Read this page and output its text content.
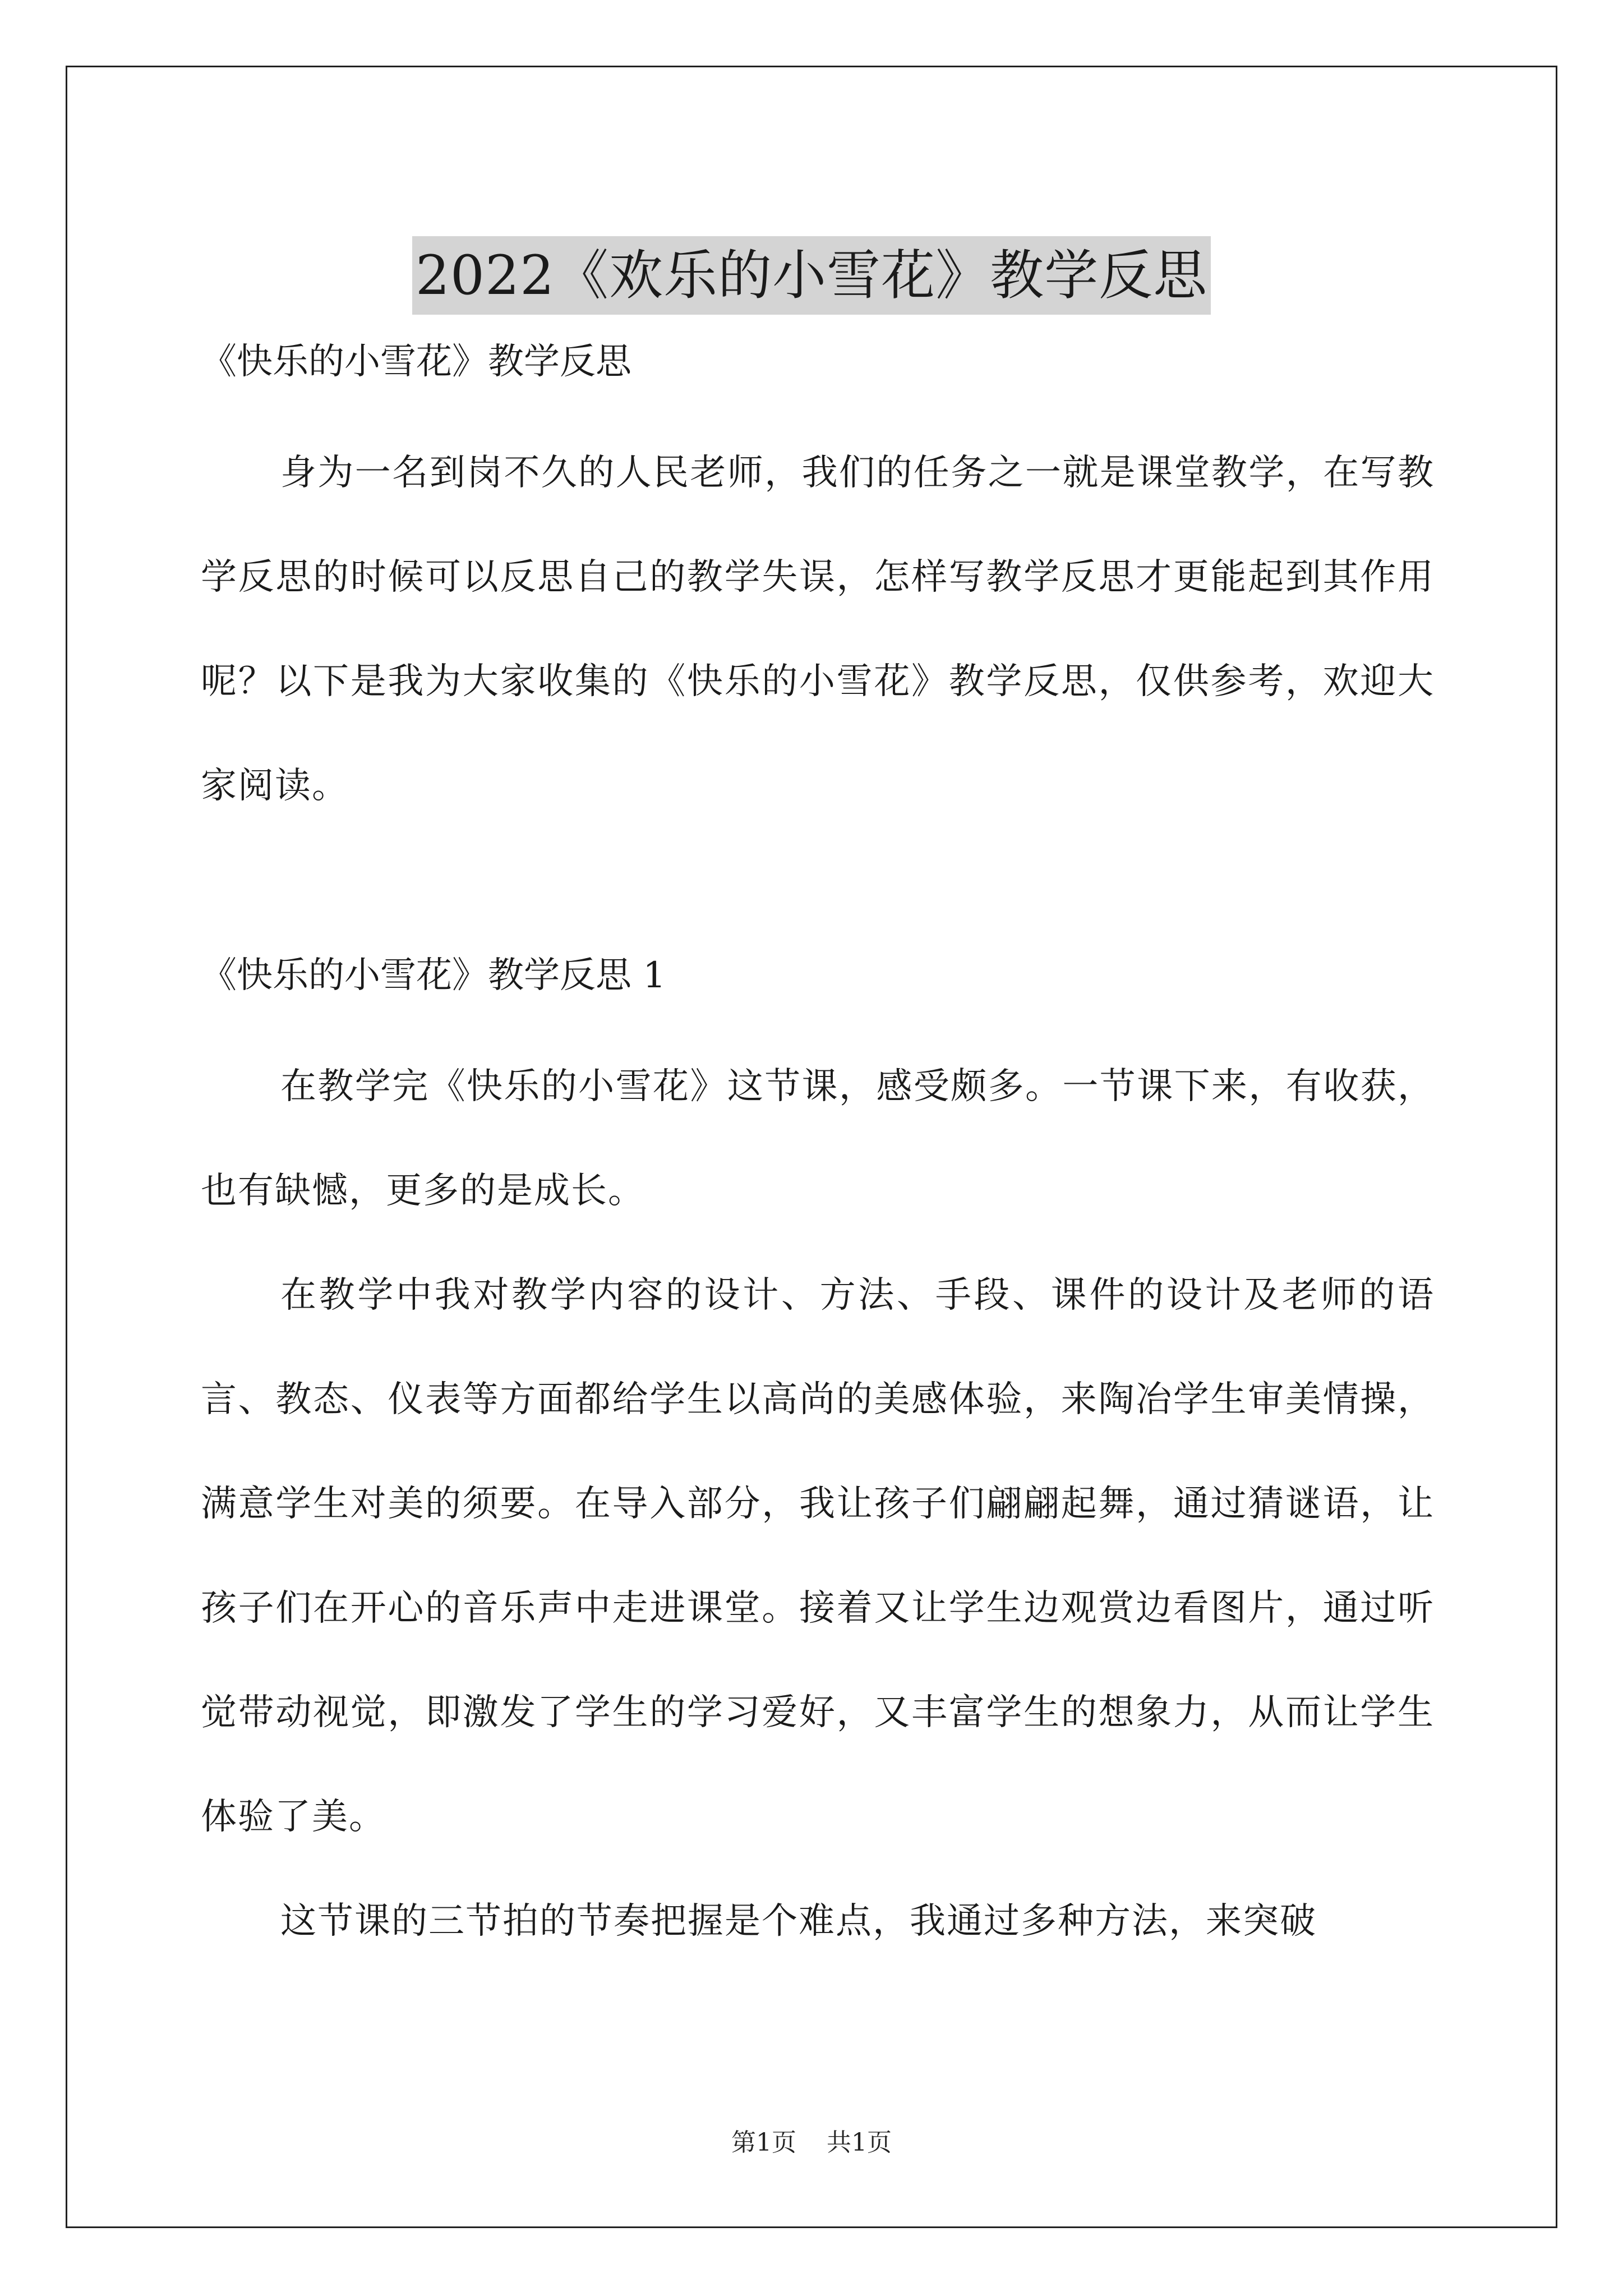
2022《欢乐的小雪花》教学反思

《快乐的小雪花》教学反思

身为一名到岗不久的人民老师，我们的任务之一就是课堂教学，在写教学反思的时候可以反思自己的教学失误，怎样写教学反思才更能起到其作用呢？以下是我为大家收集的《快乐的小雪花》教学反思，仅供参考，欢迎大家阅读。

《快乐的小雪花》教学反思 1

在教学完《快乐的小雪花》这节课，感受颇多。一节课下来，有收获，也有缺憾，更多的是成长。

在教学中我对教学内容的设计、方法、手段、课件的设计及老师的语言、教态、仪表等方面都给学生以高尚的美感体验，来陶冶学生审美情操，满意学生对美的须要。在导入部分，我让孩子们翩翩起舞，通过猜谜语，让孩子们在开心的音乐声中走进课堂。接着又让学生边观赏边看图片，通过听觉带动视觉，即激发了学生的学习爱好，又丰富学生的想象力，从而让学生体验了美。

这节课的三节拍的节奏把握是个难点，我通过多种方法，来突破

第1页 共1页
